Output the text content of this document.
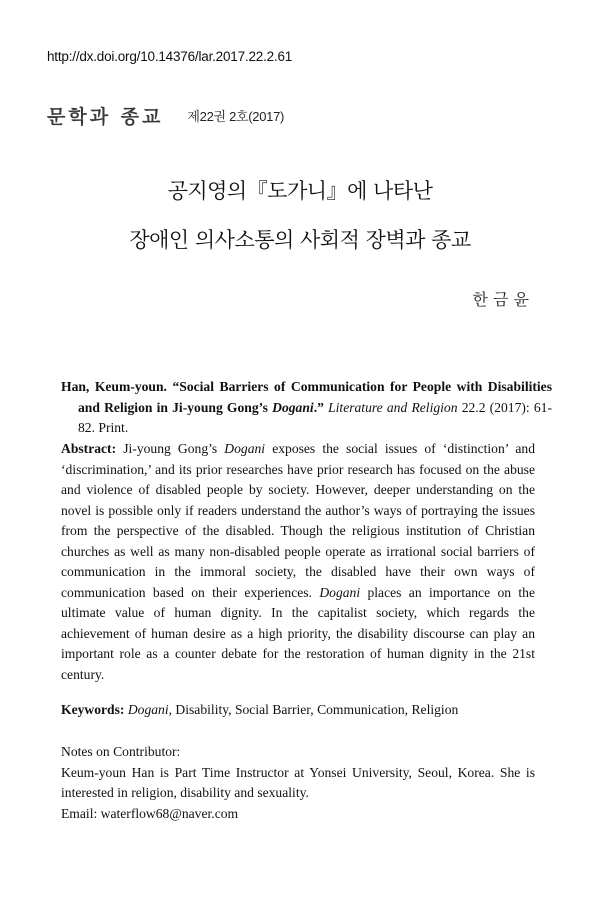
http://dx.doi.org/10.14376/lar.2017.22.2.61
문학과 종교 제22권 2호(2017)
공지영의『도가니』에 나타난
장애인 의사소통의 사회적 장벽과 종교
한 금 윤
Han, Keum-youn. “Social Barriers of Communication for People with Disabilities and Religion in Ji-young Gong’s Dogani.” Literature and Religion 22.2 (2017): 61-82. Print.
Abstract: Ji-young Gong’s Dogani exposes the social issues of ‘distinction’ and ‘discrimination,’ and its prior researches have prior research has focused on the abuse and violence of disabled people by society. However, deeper understanding on the novel is possible only if readers understand the author’s ways of portraying the issues from the perspective of the disabled. Though the religious institution of Christian churches as well as many non-disabled people operate as irrational social barriers of communication in the immoral society, the disabled have their own ways of communication based on their experiences. Dogani places an importance on the ultimate value of human dignity. In the capitalist society, which regards the achievement of human desire as a high priority, the disability discourse can play an important role as a counter debate for the restoration of human dignity in the 21st century.
Keywords: Dogani, Disability, Social Barrier, Communication, Religion
Notes on Contributor:
Keum-youn Han is Part Time Instructor at Yonsei University, Seoul, Korea. She is interested in religion, disability and sexuality.
Email: waterflow68@naver.com
